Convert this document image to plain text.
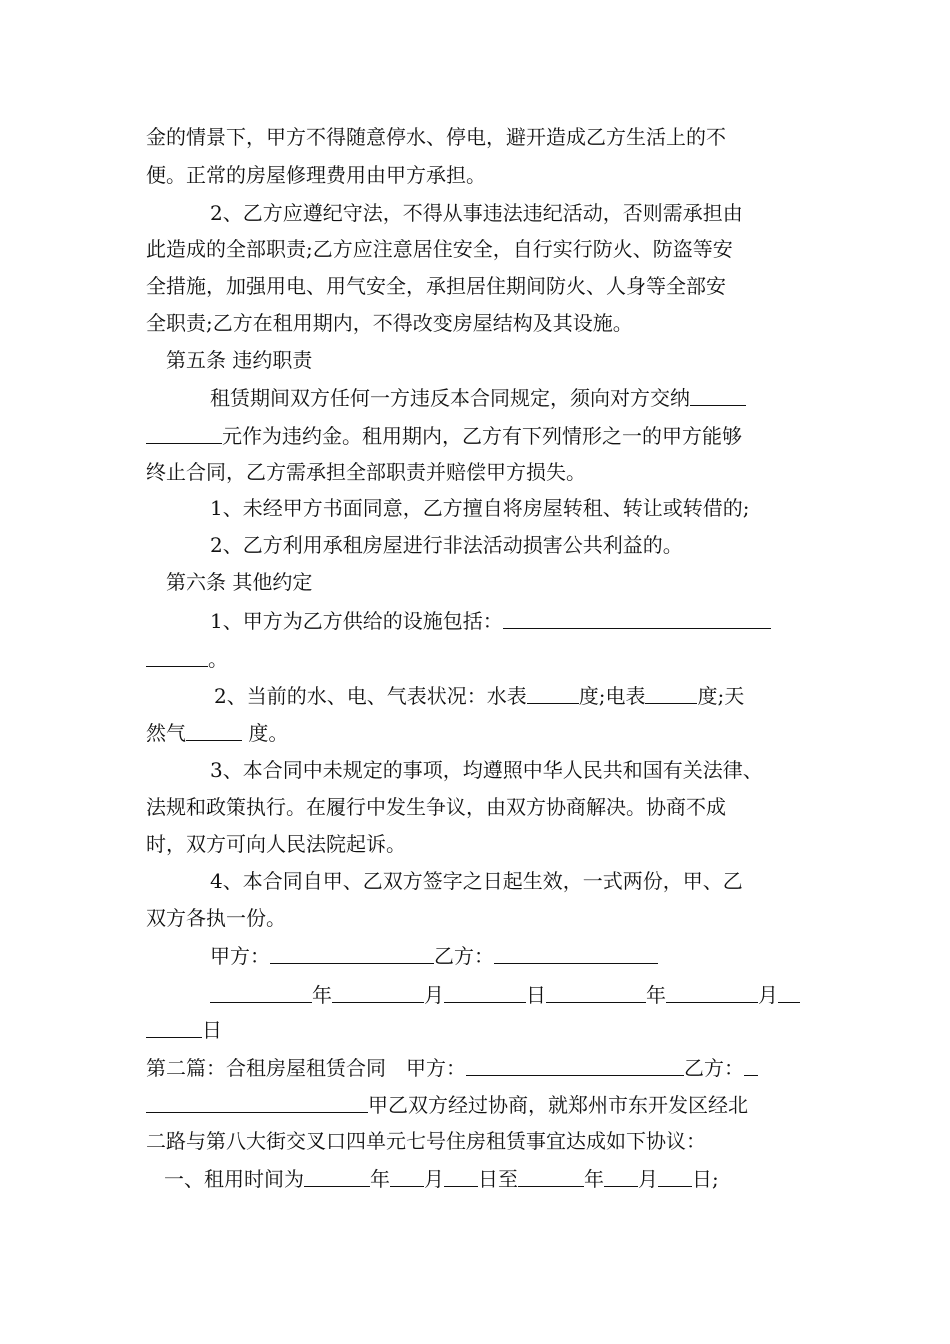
金的情景下，甲方不得随意停水、停电，避开造成乙方生活上的不
便。正常的房屋修理费用由甲方承担。
2、乙方应遵纪守法，不得从事违法违纪活动，否则需承担由
此造成的全部职责;乙方应注意居住安全，自行实行防火、防盗等安
全措施，加强用电、用气安全，承担居住期间防火、人身等全部安
全职责;乙方在租用期内，不得改变房屋结构及其设施。
第五条 违约职责
租赁期间双方任何一方违反本合同规定，须向对方交纳
元作为违约金。租用期内，乙方有下列情形之一的甲方能够
终止合同，乙方需承担全部职责并赔偿甲方损失。
1、未经甲方书面同意，乙方擅自将房屋转租、转让或转借的;
2、乙方利用承租房屋进行非法活动损害公共利益的。
第六条 其他约定
1、甲方为乙方供给的设施包括：
。
2、当前的水、电、气表状况：水表	度;电表	度;天
然气	度。
3、本合同中未规定的事项，均遵照中华人民共和国有关法律、
法规和政策执行。在履行中发生争议，由双方协商解决。协商不成
时，双方可向人民法院起诉。
4、本合同自甲、乙双方签字之日起生效，一式两份，甲、乙
双方各执一份。
甲方：	乙方：
年	月	日	年	月
日
第二篇：合租房屋租赁合同 甲方：	乙方：
甲乙双方经过协商，就郑州市东开发区经北
二路与第八大街交叉口四单元七号住房租赁事宜达成如下协议：
一、租用时间为	年 月 日至	年 月 日;
